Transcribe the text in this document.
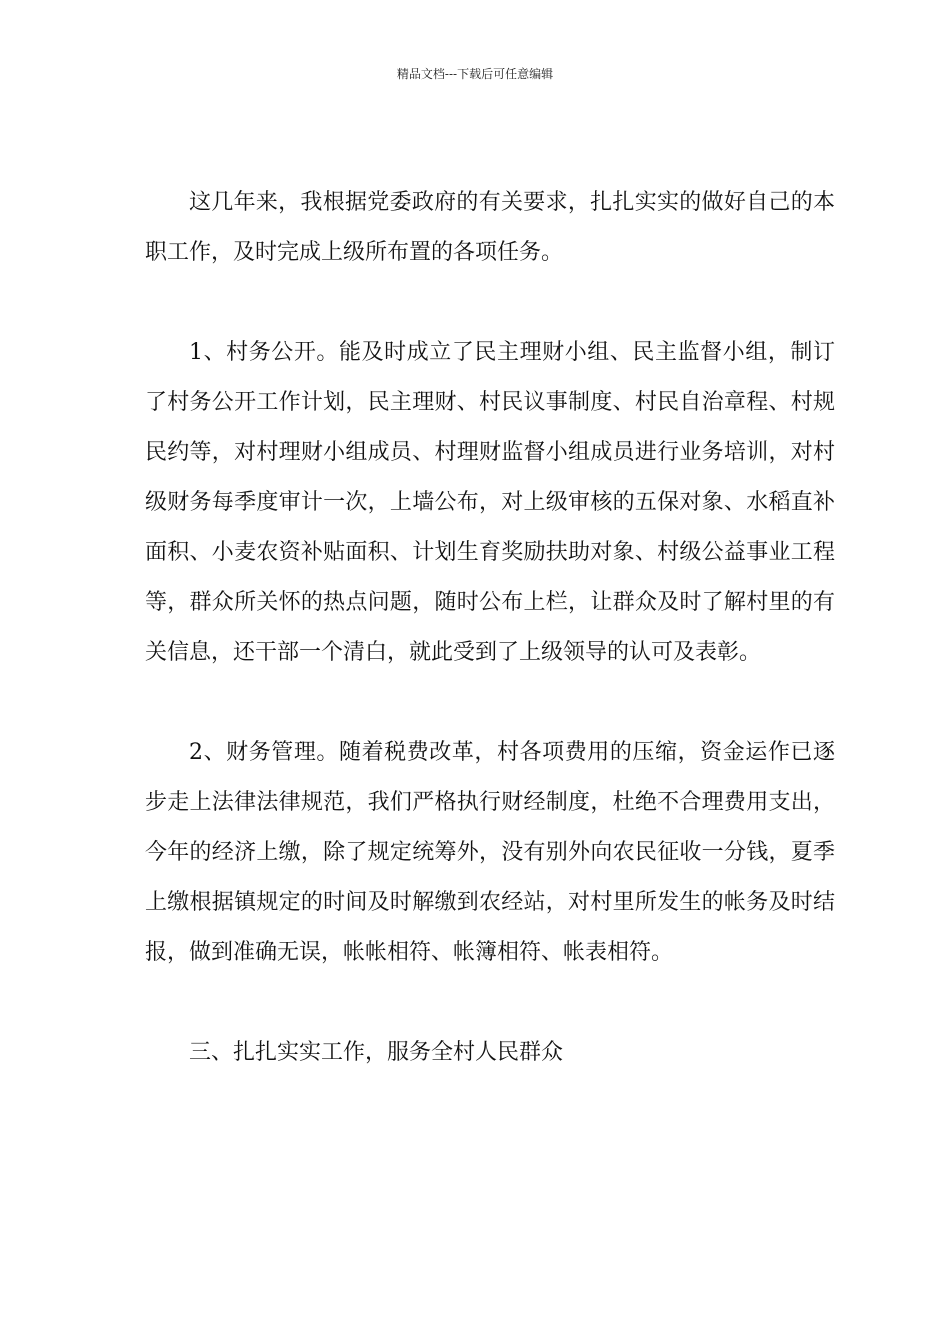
精品文档---下载后可任意编辑

这几年来，我根据党委政府的有关要求，扎扎实实的做好自己的本职工作，及时完成上级所布置的各项任务。

1、村务公开。能及时成立了民主理财小组、民主监督小组，制订了村务公开工作计划，民主理财、村民议事制度、村民自治章程、村规民约等，对村理财小组成员、村理财监督小组成员进行业务培训，对村级财务每季度审计一次，上墙公布，对上级审核的五保对象、水稻直补面积、小麦农资补贴面积、计划生育奖励扶助对象、村级公益事业工程等，群众所关怀的热点问题，随时公布上栏，让群众及时了解村里的有关信息，还干部一个清白，就此受到了上级领导的认可及表彰。

2、财务管理。随着税费改革，村各项费用的压缩，资金运作已逐步走上法律法律规范，我们严格执行财经制度，杜绝不合理费用支出，今年的经济上缴，除了规定统筹外，没有别外向农民征收一分钱，夏季上缴根据镇规定的时间及时解缴到农经站，对村里所发生的帐务及时结报，做到准确无误，帐帐相符、帐簿相符、帐表相符。

三、扎扎实实工作，服务全村人民群众
